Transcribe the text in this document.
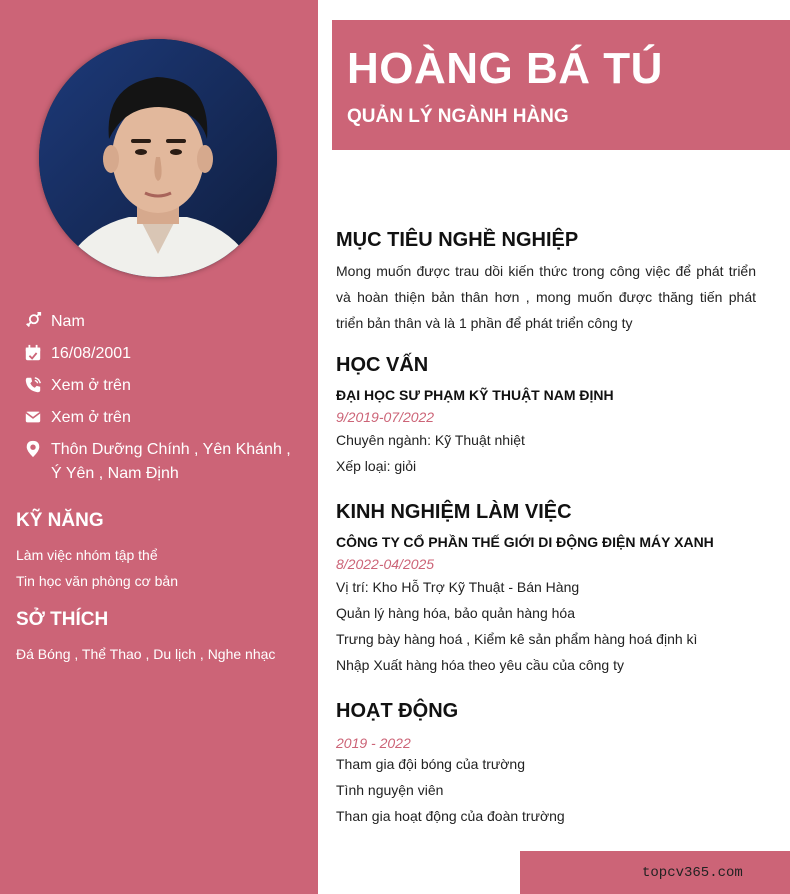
Nam
16/08/2001
Xem ở trên
Xem ở trên
Thôn Dưỡng Chính , Yên Khánh , Ý Yên , Nam Định
KỸ NĂNG
Làm việc nhóm tập thể
Tin học văn phòng cơ bản
SỞ THÍCH
Đá Bóng , Thể Thao , Du lịch , Nghe nhạc
HOÀNG BÁ TÚ
QUẢN LÝ NGÀNH HÀNG
MỤC TIÊU NGHỀ NGHIỆP
Mong muốn được trau dồi kiến thức trong công việc để phát triển và hoàn thiện bản thân hơn , mong muốn được thăng tiến phát triển bản thân và là 1 phần để phát triển công ty
HỌC VẤN
ĐẠI HỌC SƯ PHẠM KỸ THUẬT NAM ĐỊNH
9/2019-07/2022
Chuyên ngành: Kỹ Thuật nhiệt
Xếp loại: giỏi
KINH NGHIỆM LÀM VIỆC
CÔNG TY CỔ PHẦN THẾ GIỚI DI ĐỘNG ĐIỆN MÁY XANH
8/2022-04/2025
Vị trí: Kho Hỗ Trợ Kỹ Thuật - Bán Hàng
Quản lý hàng hóa, bảo quản hàng hóa
Trưng bày hàng hoá , Kiểm kê sản phẩm hàng hoá định kì
Nhập Xuất hàng hóa theo yêu cầu của công ty
HOẠT ĐỘNG
2019 - 2022
Tham gia đội bóng của trường
Tình nguyện viên
Than gia hoạt động của đoàn trường
topcv365.com
